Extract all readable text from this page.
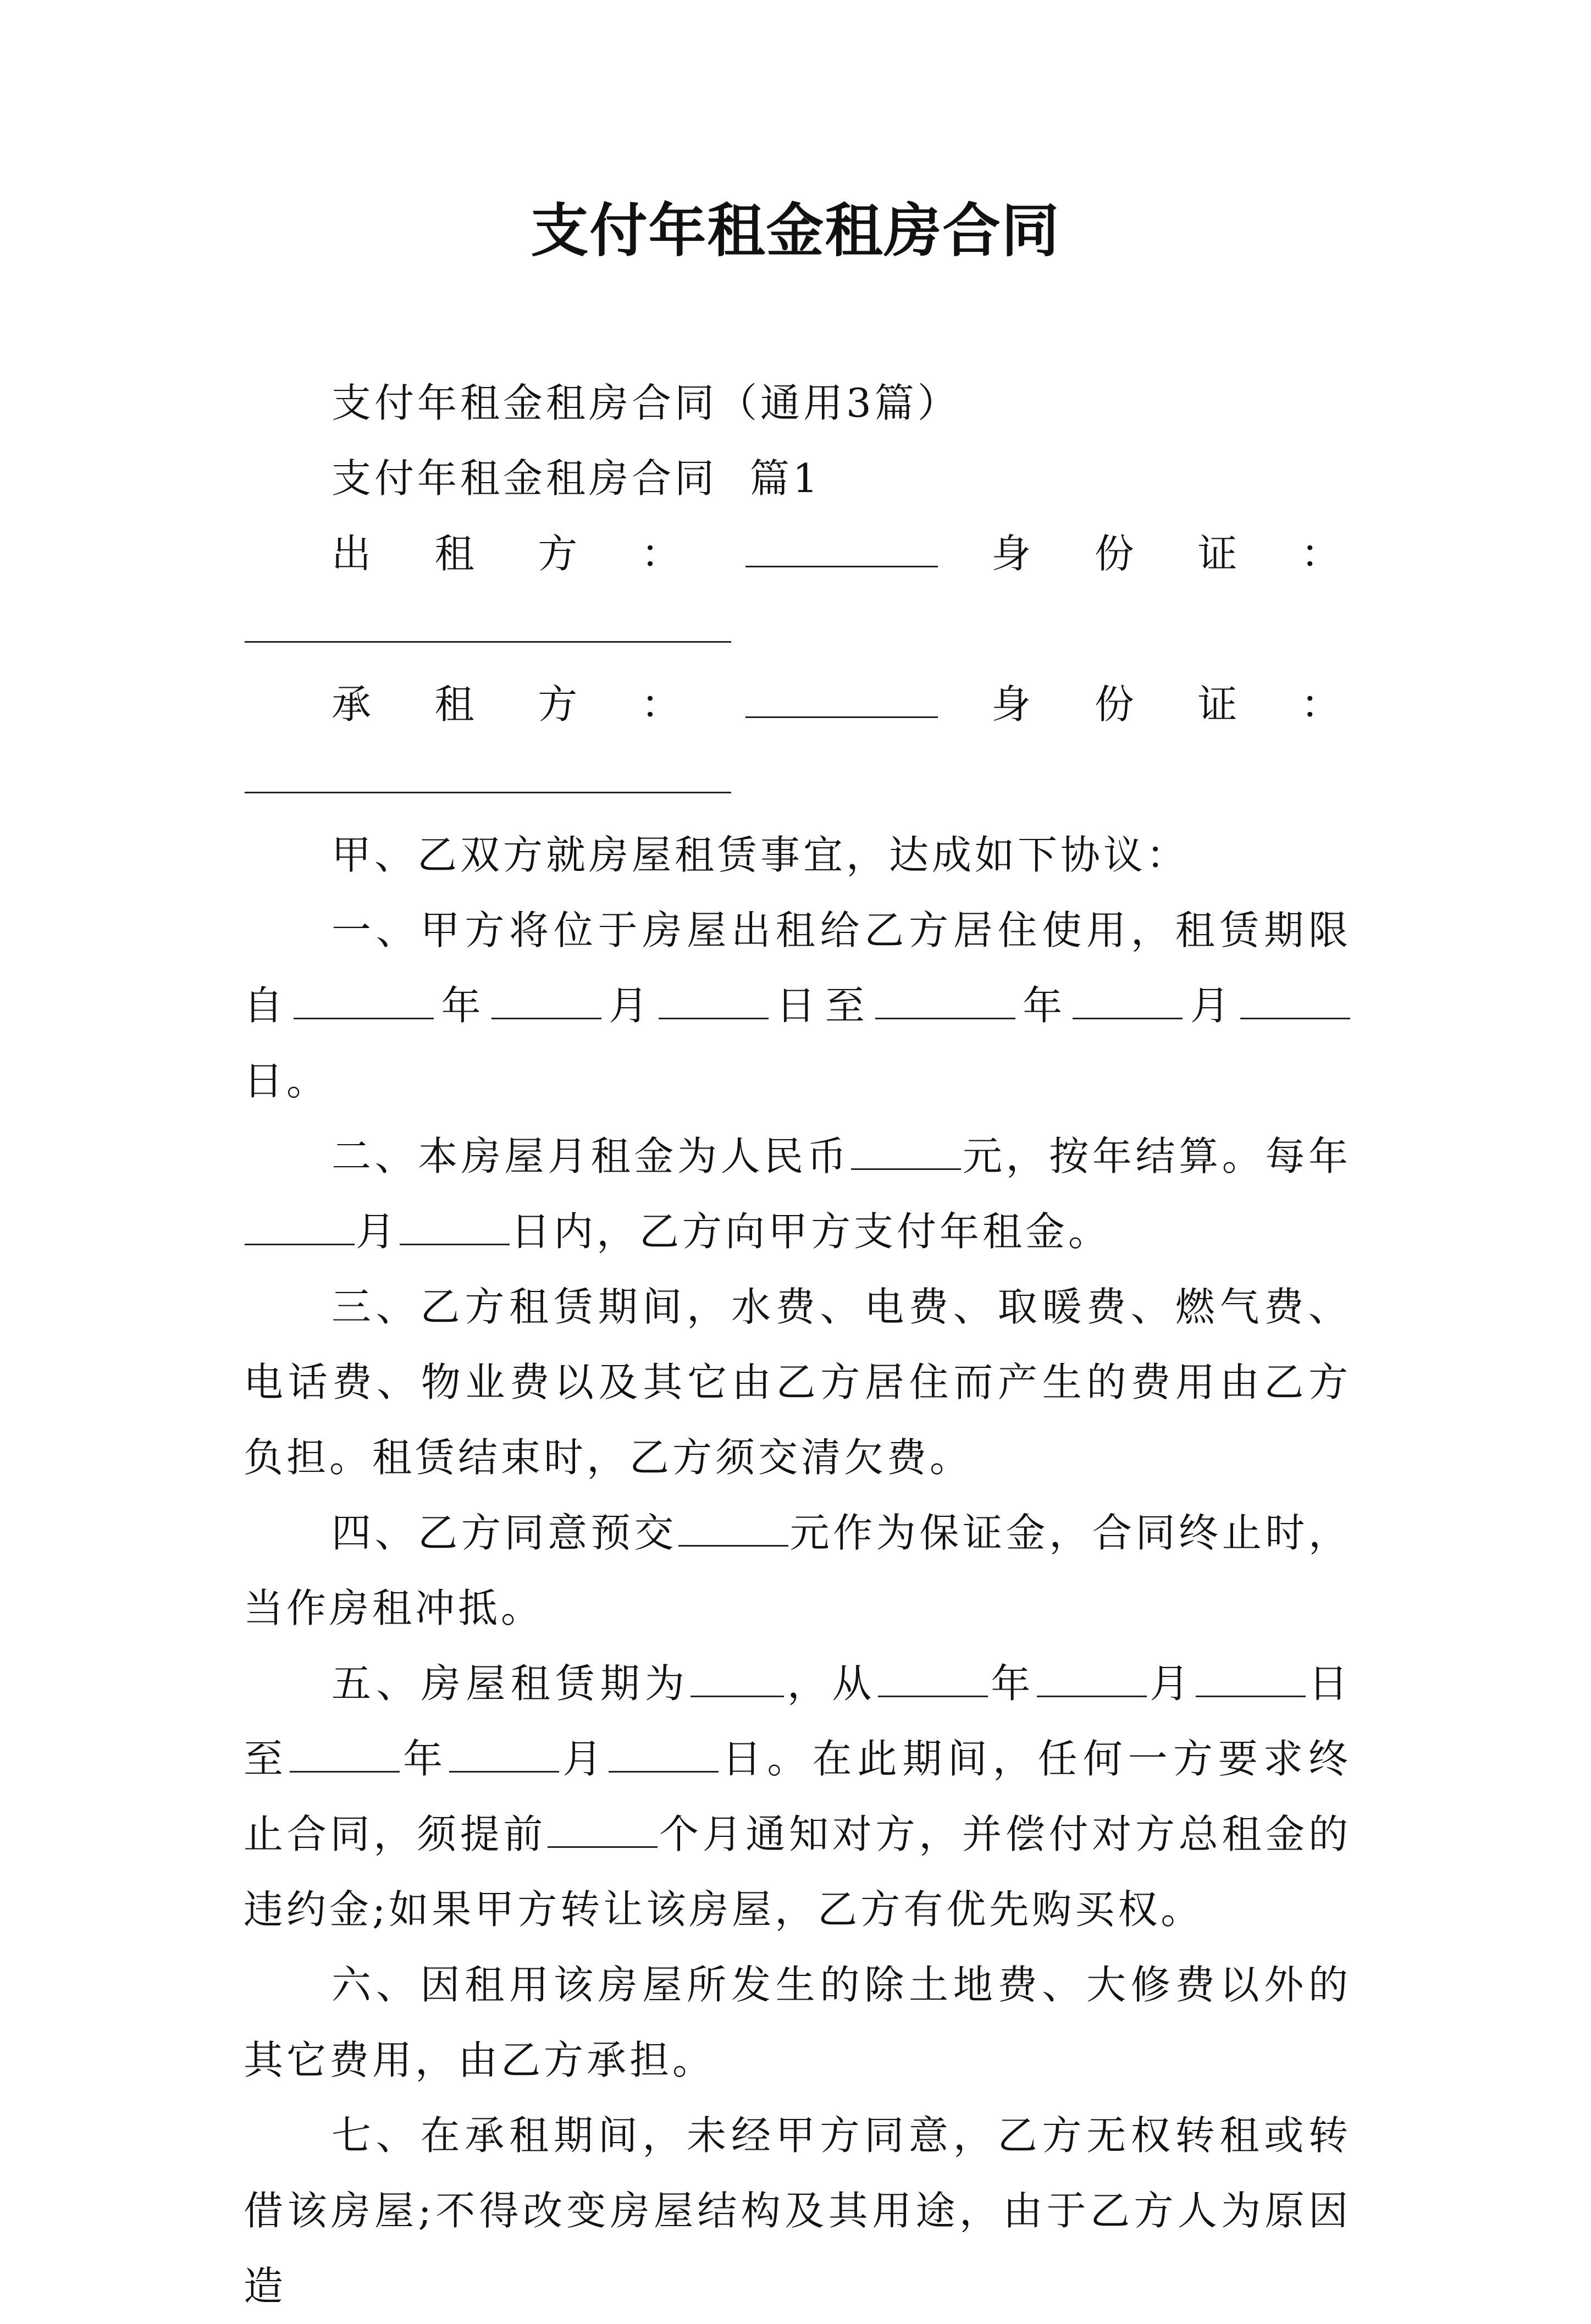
支付年租金租房合同

支付年租金租房合同（通用3篇）

支付年租金租房合同 篇1

出租方：	身份证：

承租方：	身份证：

甲、乙双方就房屋租赁事宜，达成如下协议：

一、甲方将位于房屋出租给乙方居住使用，租赁期限自	年	月	日至	年	月日。

二、本房屋月租金为人民币	元，按年结算。每年月	日内，乙方向甲方支付年租金。

三、乙方租赁期间，水费、电费、取暖费、燃气费、电话费、物业费以及其它由乙方居住而产生的费用由乙方负担。租赁结束时，乙方须交清欠费。

四、乙方同意预交	元作为保证金，合同终止时，当作房租冲抵。

五、房屋租赁期为 ，从	年	月	日至	年	月	日。在此期间，任何一方要求终止合同，须提前	个月通知对方，并偿付对方总租金的违约金;如果甲方转让该房屋，乙方有优先购买权。

六、因租用该房屋所发生的除土地费、大修费以外的其它费用，由乙方承担。

七、在承租期间，未经甲方同意，乙方无权转租或转借该房屋;不得改变房屋结构及其用途，由于乙方人为原因造
